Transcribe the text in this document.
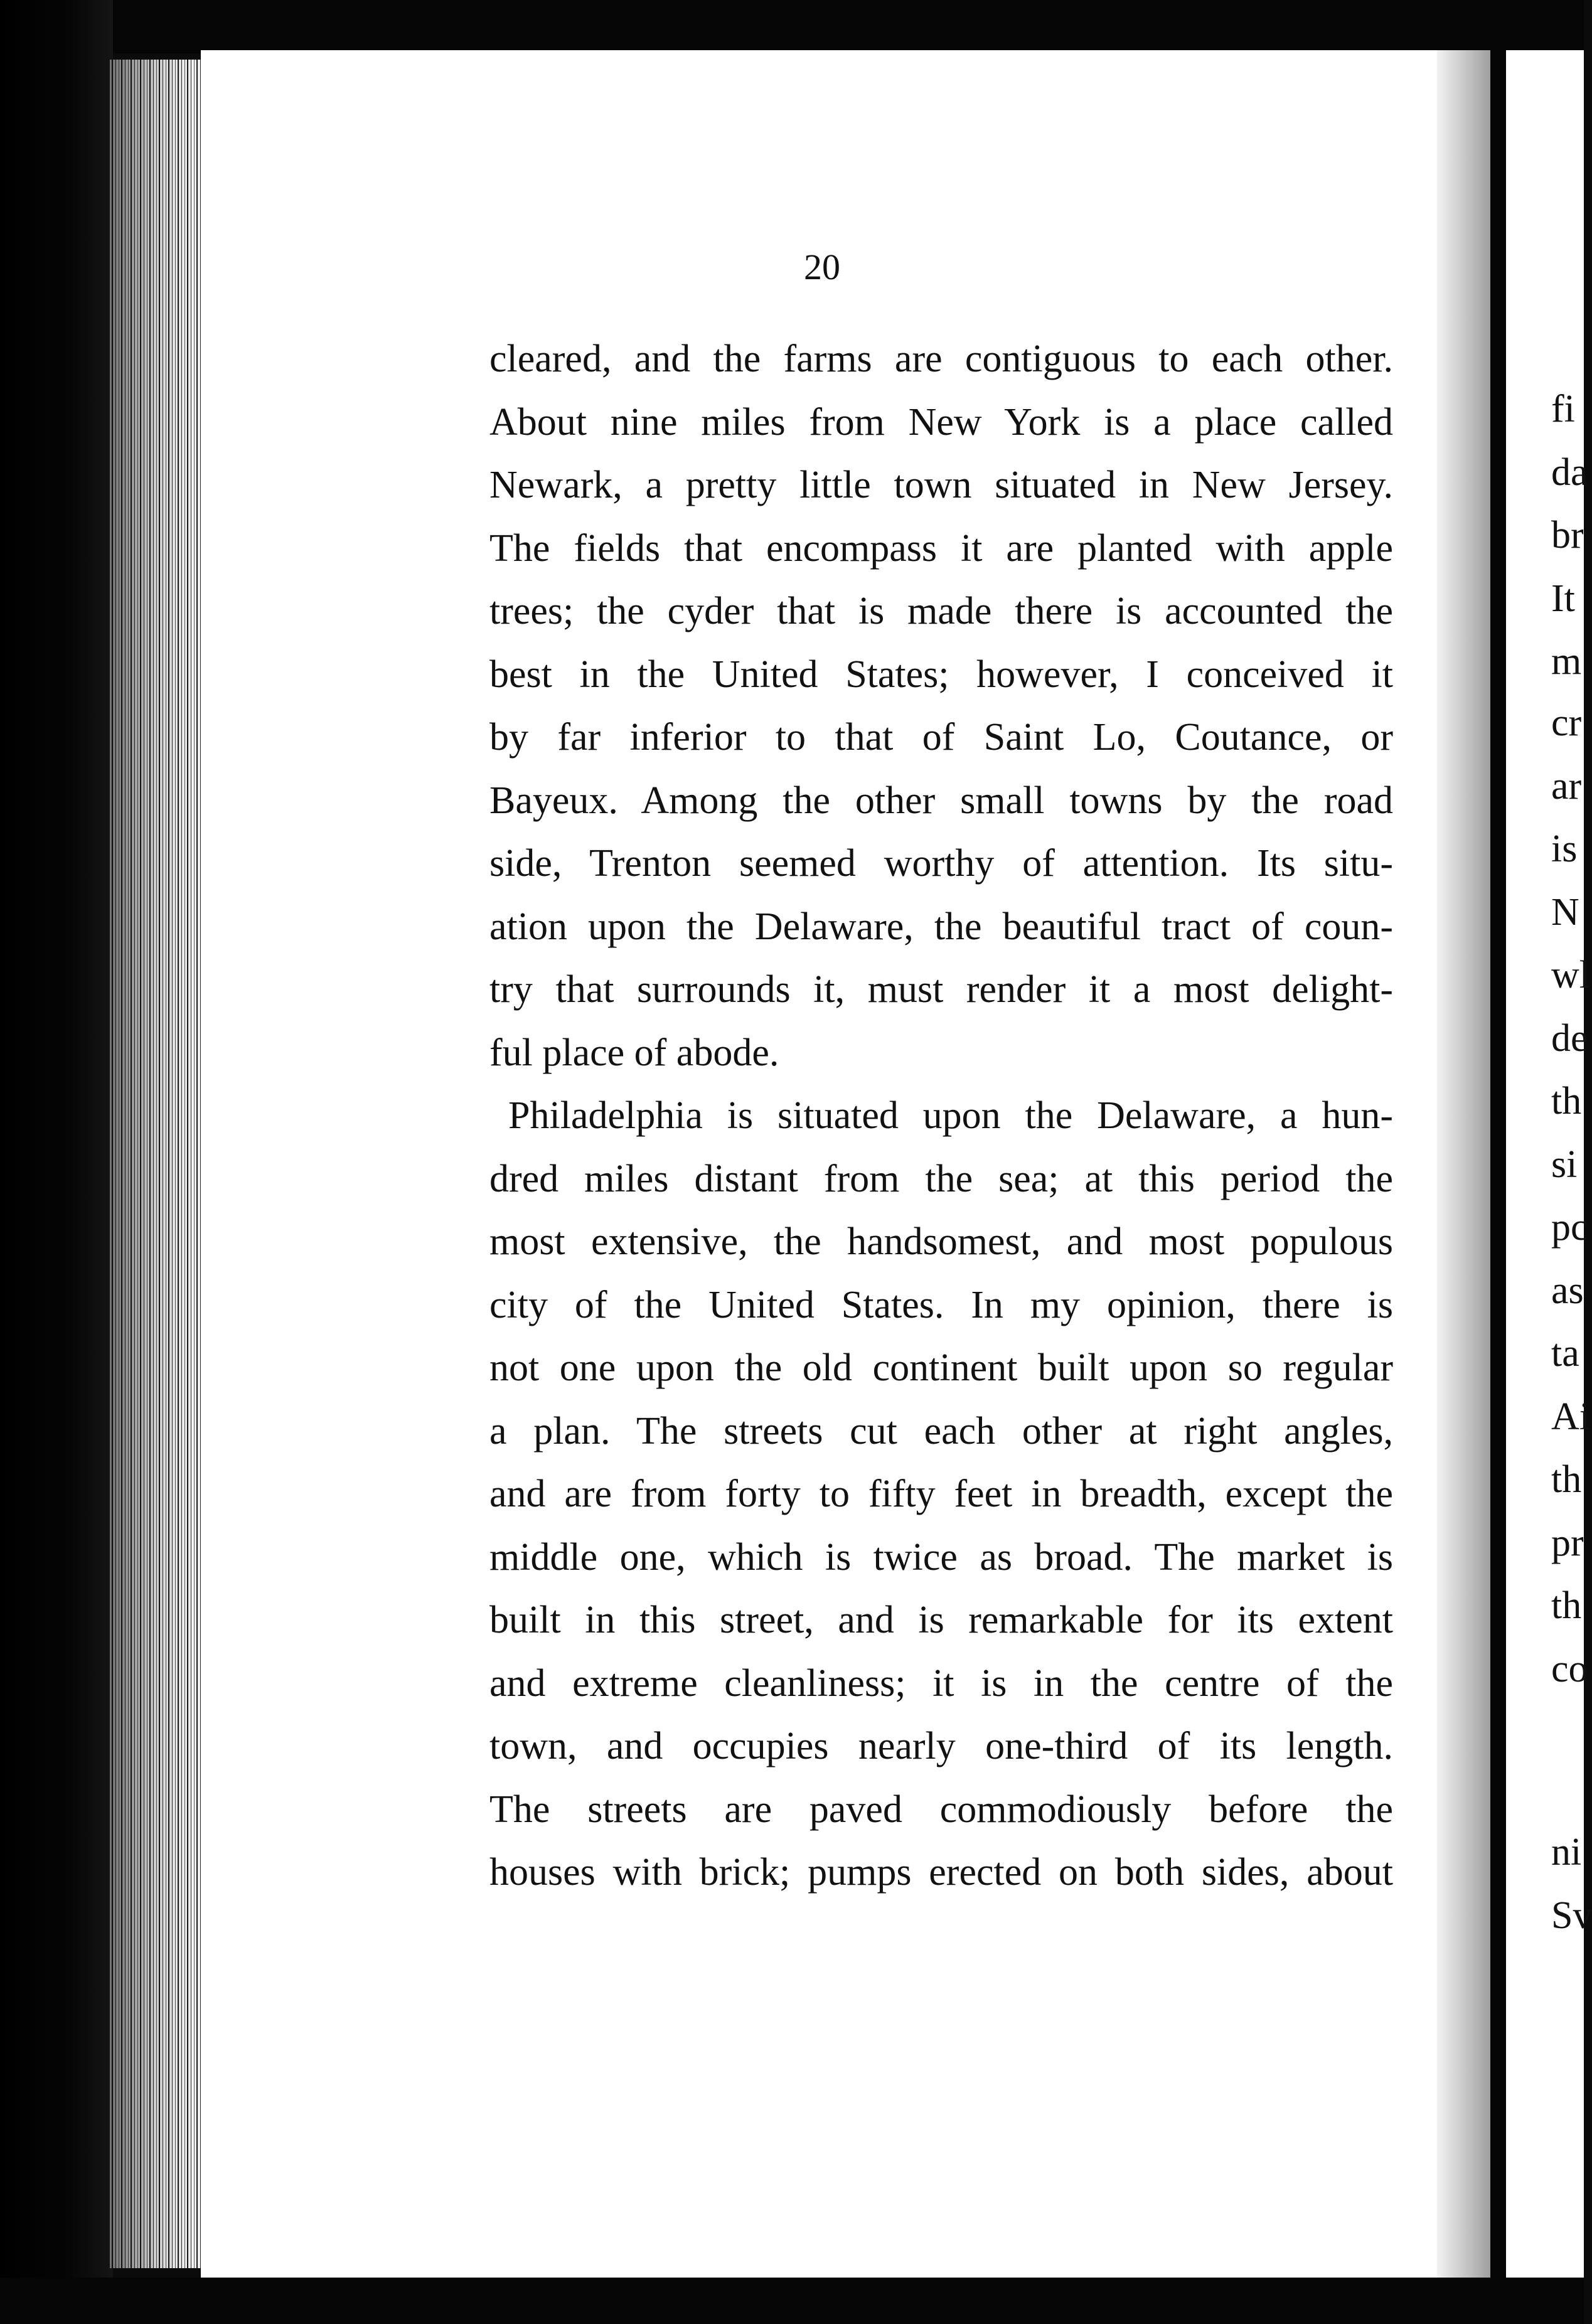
20
cleared, and the farms are contiguous to each other.
About nine miles from New York is a place called
Newark, a pretty little town situated in New Jersey.
The fields that encompass it are planted with apple
trees; the cyder that is made there is accounted the
best in the United States; however, I conceived it
by far inferior to that of Saint Lo, Coutance, or
Bayeux. Among the other small towns by the road
side, Trenton seemed worthy of attention. Its situ-
ation upon the Delaware, the beautiful tract of coun-
try that surrounds it, must render it a most delight-
ful place of abode.
Philadelphia is situated upon the Delaware, a hun-
dred miles distant from the sea; at this period the
most extensive, the handsomest, and most populous
city of the United States. In my opinion, there is
not one upon the old continent built upon so regular
a plan. The streets cut each other at right angles,
and are from forty to fifty feet in breadth, except the
middle one, which is twice as broad. The market is
built in this street, and is remarkable for its extent
and extreme cleanliness; it is in the centre of the
town, and occupies nearly one-third of its length.
The streets are paved commodiously before the
houses with brick; pumps erected on both sides, about
fi
da
br
It
m
cr
ar
is
N
wl
de
th
si
pc
as
ta
Ai
th
pr
th
co
ni
Sv
